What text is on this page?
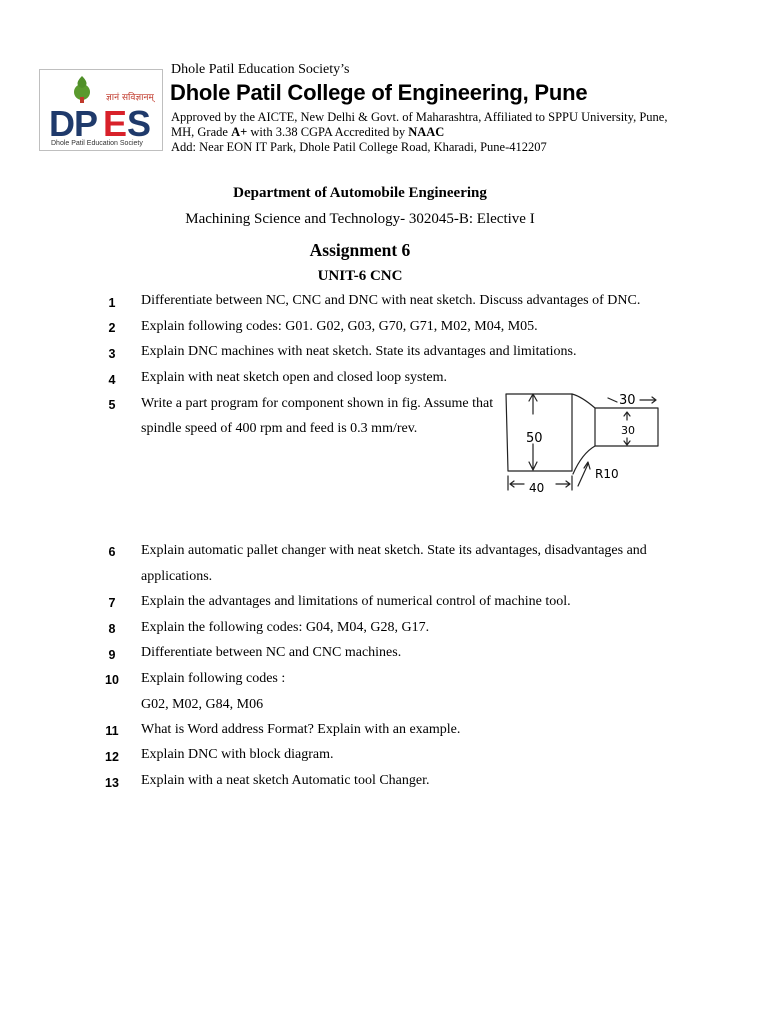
ज्ञानं सविज्ञानम्
DP E S
Dhole Patil Education Society
Dhole Patil Education Society’s
Dhole Patil College of Engineering, Pune
Approved by the AICTE, New Delhi & Govt. of Maharashtra, Affiliated to SPPU University, Pune,
MH, Grade A+ with 3.38 CGPA Accredited by NAAC
Add: Near EON IT Park, Dhole Patil College Road, Kharadi, Pune-412207
Department of Automobile Engineering
Machining Science and Technology- 302045-B: Elective I
Assignment 6
UNIT-6 CNC
1	Differentiate between NC, CNC and DNC with neat sketch. Discuss advantages of DNC.
2	Explain following codes: G01. G02, G03, G70, G71, M02, M04, M05.
3	Explain DNC machines with neat sketch. State its advantages and limitations.
4	Explain with neat sketch open and closed loop system.
5	Write a part program for component shown in fig. Assume that
spindle speed of 400 rpm and feed is 0.3 mm/rev.
50
40
30
30
R10
6	Explain automatic pallet changer with neat sketch. State its advantages, disadvantages and
applications.
7	Explain the advantages and limitations of numerical control of machine tool.
8	Explain the following codes: G04, M04, G28, G17.
9	Differentiate between NC and CNC machines.
10	Explain following codes :
G02, M02, G84, M06
11	What is Word address Format? Explain with an example.
12	Explain DNC with block diagram.
13	Explain with a neat sketch Automatic tool Changer.
